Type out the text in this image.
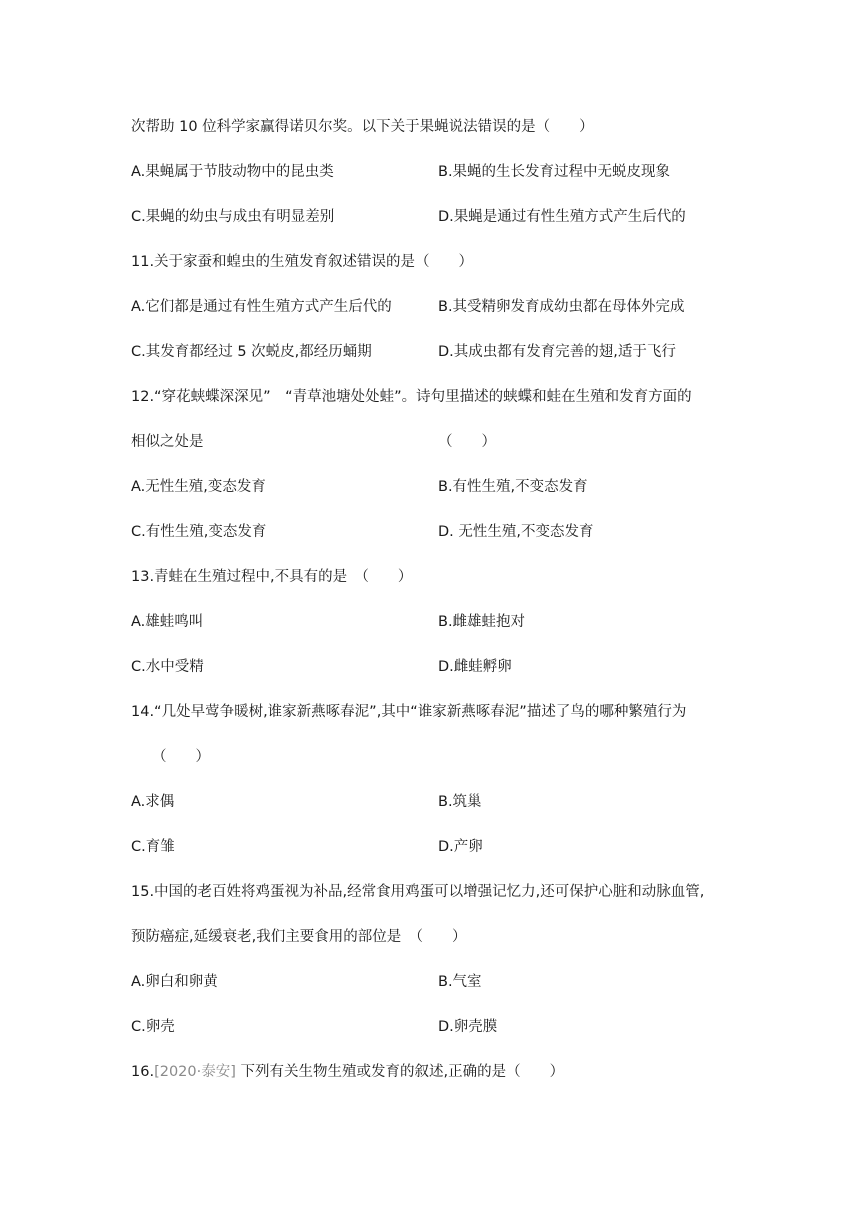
次帮助 10 位科学家赢得诺贝尔奖。以下关于果蝇说法错误的是（　　）
A.果蝇属于节肢动物中的昆虫类	B.果蝇的生长发育过程中无蜕皮现象
C.果蝇的幼虫与成虫有明显差别	D.果蝇是通过有性生殖方式产生后代的
11.关于家蚕和蝗虫的生殖发育叙述错误的是（　　）
A.它们都是通过有性生殖方式产生后代的	B.其受精卵发育成幼虫都在母体外完成
C.其发育都经过 5 次蜕皮,都经历蛹期	D.其成虫都有发育完善的翅,适于飞行
12.“穿花蛱蝶深深见”　“青草池塘处处蛙”。诗句里描述的蛱蝶和蛙在生殖和发育方面的
相似之处是	（　　）
A.无性生殖,变态发育	B.有性生殖,不变态发育
C.有性生殖,变态发育	D. 无性生殖,不变态发育
13.青蛙在生殖过程中,不具有的是　（　　）
A.雄蛙鸣叫	B.雌雄蛙抱对
C.水中受精	D.雌蛙孵卵
14.“几处早莺争暖树,谁家新燕啄春泥”,其中“谁家新燕啄春泥”描述了鸟的哪种繁殖行为
（　　）
A.求偶	B.筑巢
C.育雏	D.产卵
15.中国的老百姓将鸡蛋视为补品,经常食用鸡蛋可以增强记忆力,还可保护心脏和动脉血管,
预防癌症,延缓衰老,我们主要食用的部位是　（　　）
A.卵白和卵黄	B.气室
C.卵壳	D.卵壳膜
16.[2020·泰安] 下列有关生物生殖或发育的叙述,正确的是（　　）
